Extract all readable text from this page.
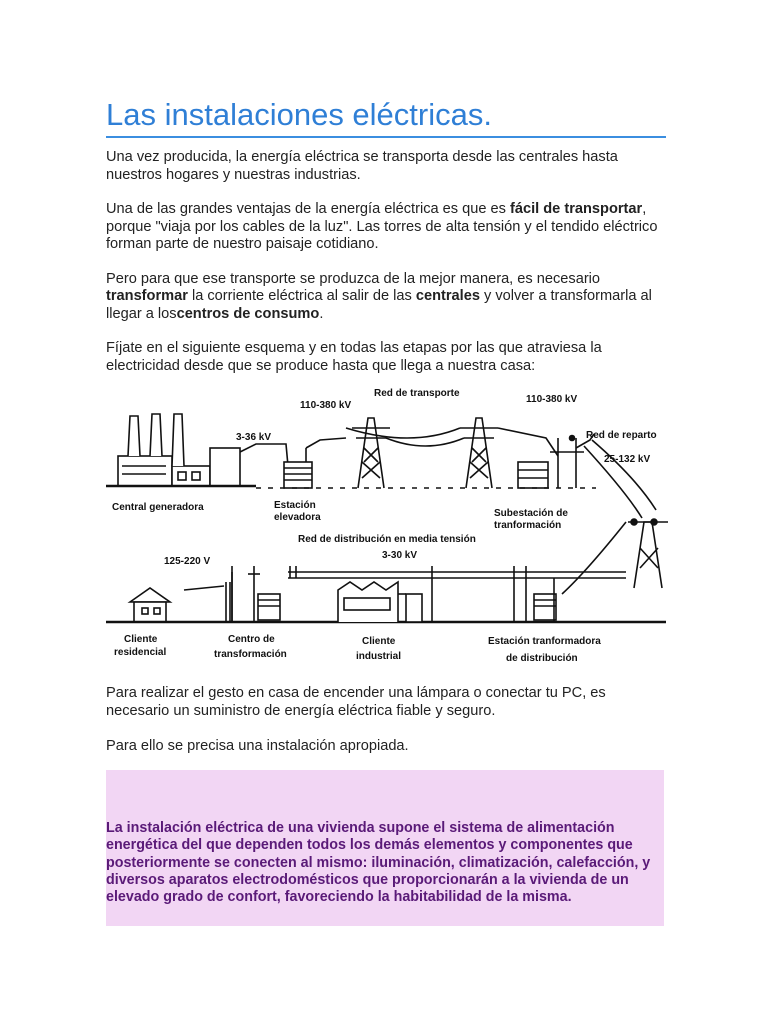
Las instalaciones eléctricas.

Una vez producida, la energía eléctrica se transporta desde las centrales hasta nuestros hogares y nuestras industrias.

Una de las grandes ventajas de la energía eléctrica es que es fácil de transportar, porque "viaja por los cables de la luz". Las torres de alta tensión y el tendido eléctrico forman parte de nuestro paisaje cotidiano.

Pero para que ese transporte se produzca de la mejor manera, es necesario transformar la corriente eléctrica al salir de las centrales y volver a transformarla al llegar a loscentros de consumo.

Fíjate en el siguiente esquema y en todas las etapas por las que atraviesa la electricidad desde que se produce hasta que llega a nuestra casa:

Red de transporte
110-380 kV
110-380 kV
3-36 kV	Red de reparto
25-132 kV
Central generadora	Estación
elevadora	Subestación de
tranformación
Red de distribución en media tensión
3-30 kV
125-220 V
Cliente
residencial
Centro de
transformación
Cliente
industrial
Estación tranformadora
de distribución

Para realizar el gesto en casa de encender una lámpara o conectar tu PC, es necesario un suministro de energía eléctrica fiable y seguro.

Para ello se precisa una instalación apropiada.

La instalación eléctrica de una vivienda supone el sistema de alimentación energética del que dependen todos los demás elementos y componentes que posteriormente se conecten al mismo: iluminación, climatización, calefacción, y diversos aparatos electrodomésticos que proporcionarán a la vivienda de un elevado grado de confort, favoreciendo la habitabilidad de la misma.
